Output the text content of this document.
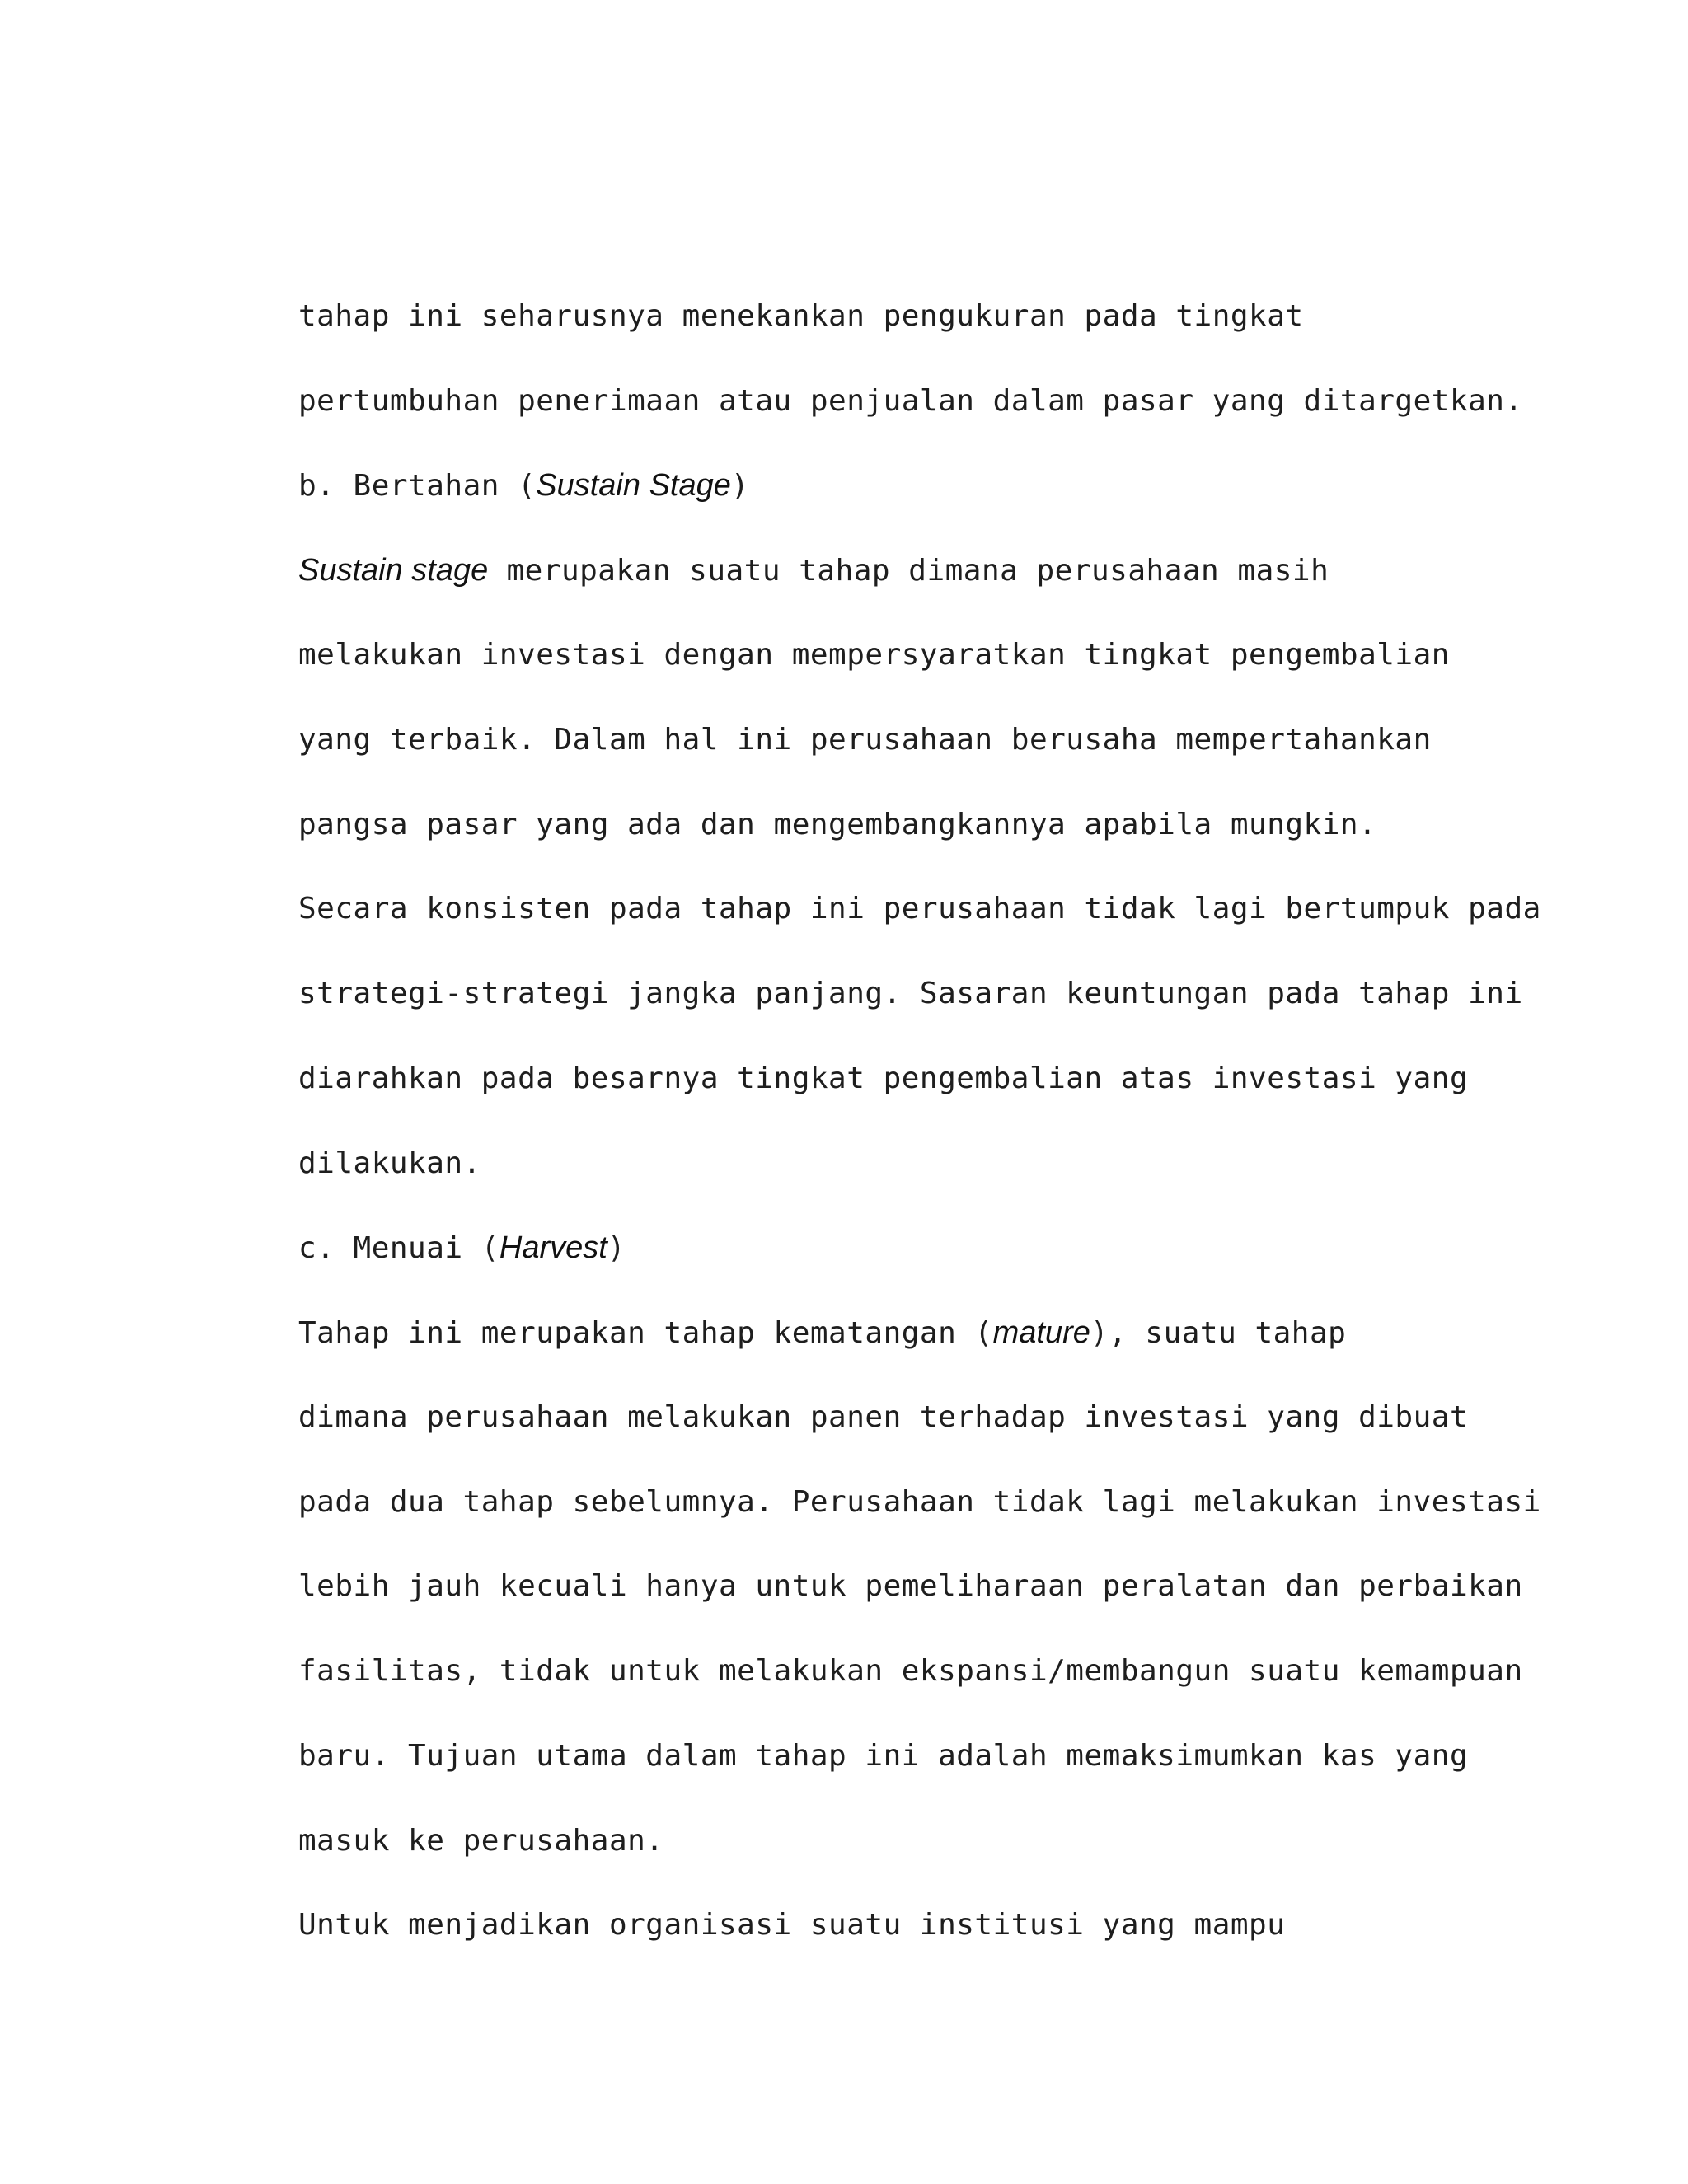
tahap ini seharusnya menekankan pengukuran pada tingkat
pertumbuhan penerimaan atau penjualan dalam pasar yang ditargetkan.
b. Bertahan (Sustain Stage)
Sustain stage merupakan suatu tahap dimana perusahaan masih
melakukan investasi dengan mempersyaratkan tingkat pengembalian
yang terbaik. Dalam hal ini perusahaan berusaha mempertahankan
pangsa pasar yang ada dan mengembangkannya apabila mungkin.
Secara konsisten pada tahap ini perusahaan tidak lagi bertumpuk pada
strategi-strategi jangka panjang. Sasaran keuntungan pada tahap ini
diarahkan pada besarnya tingkat pengembalian atas investasi yang
dilakukan.
c. Menuai (Harvest)
Tahap ini merupakan tahap kematangan (mature), suatu tahap
dimana perusahaan melakukan panen terhadap investasi yang dibuat
pada dua tahap sebelumnya. Perusahaan tidak lagi melakukan investasi
lebih jauh kecuali hanya untuk pemeliharaan peralatan dan perbaikan
fasilitas, tidak untuk melakukan ekspansi/membangun suatu kemampuan
baru. Tujuan utama dalam tahap ini adalah memaksimumkan kas yang
masuk ke perusahaan.
Untuk menjadikan organisasi suatu institusi yang mampu
